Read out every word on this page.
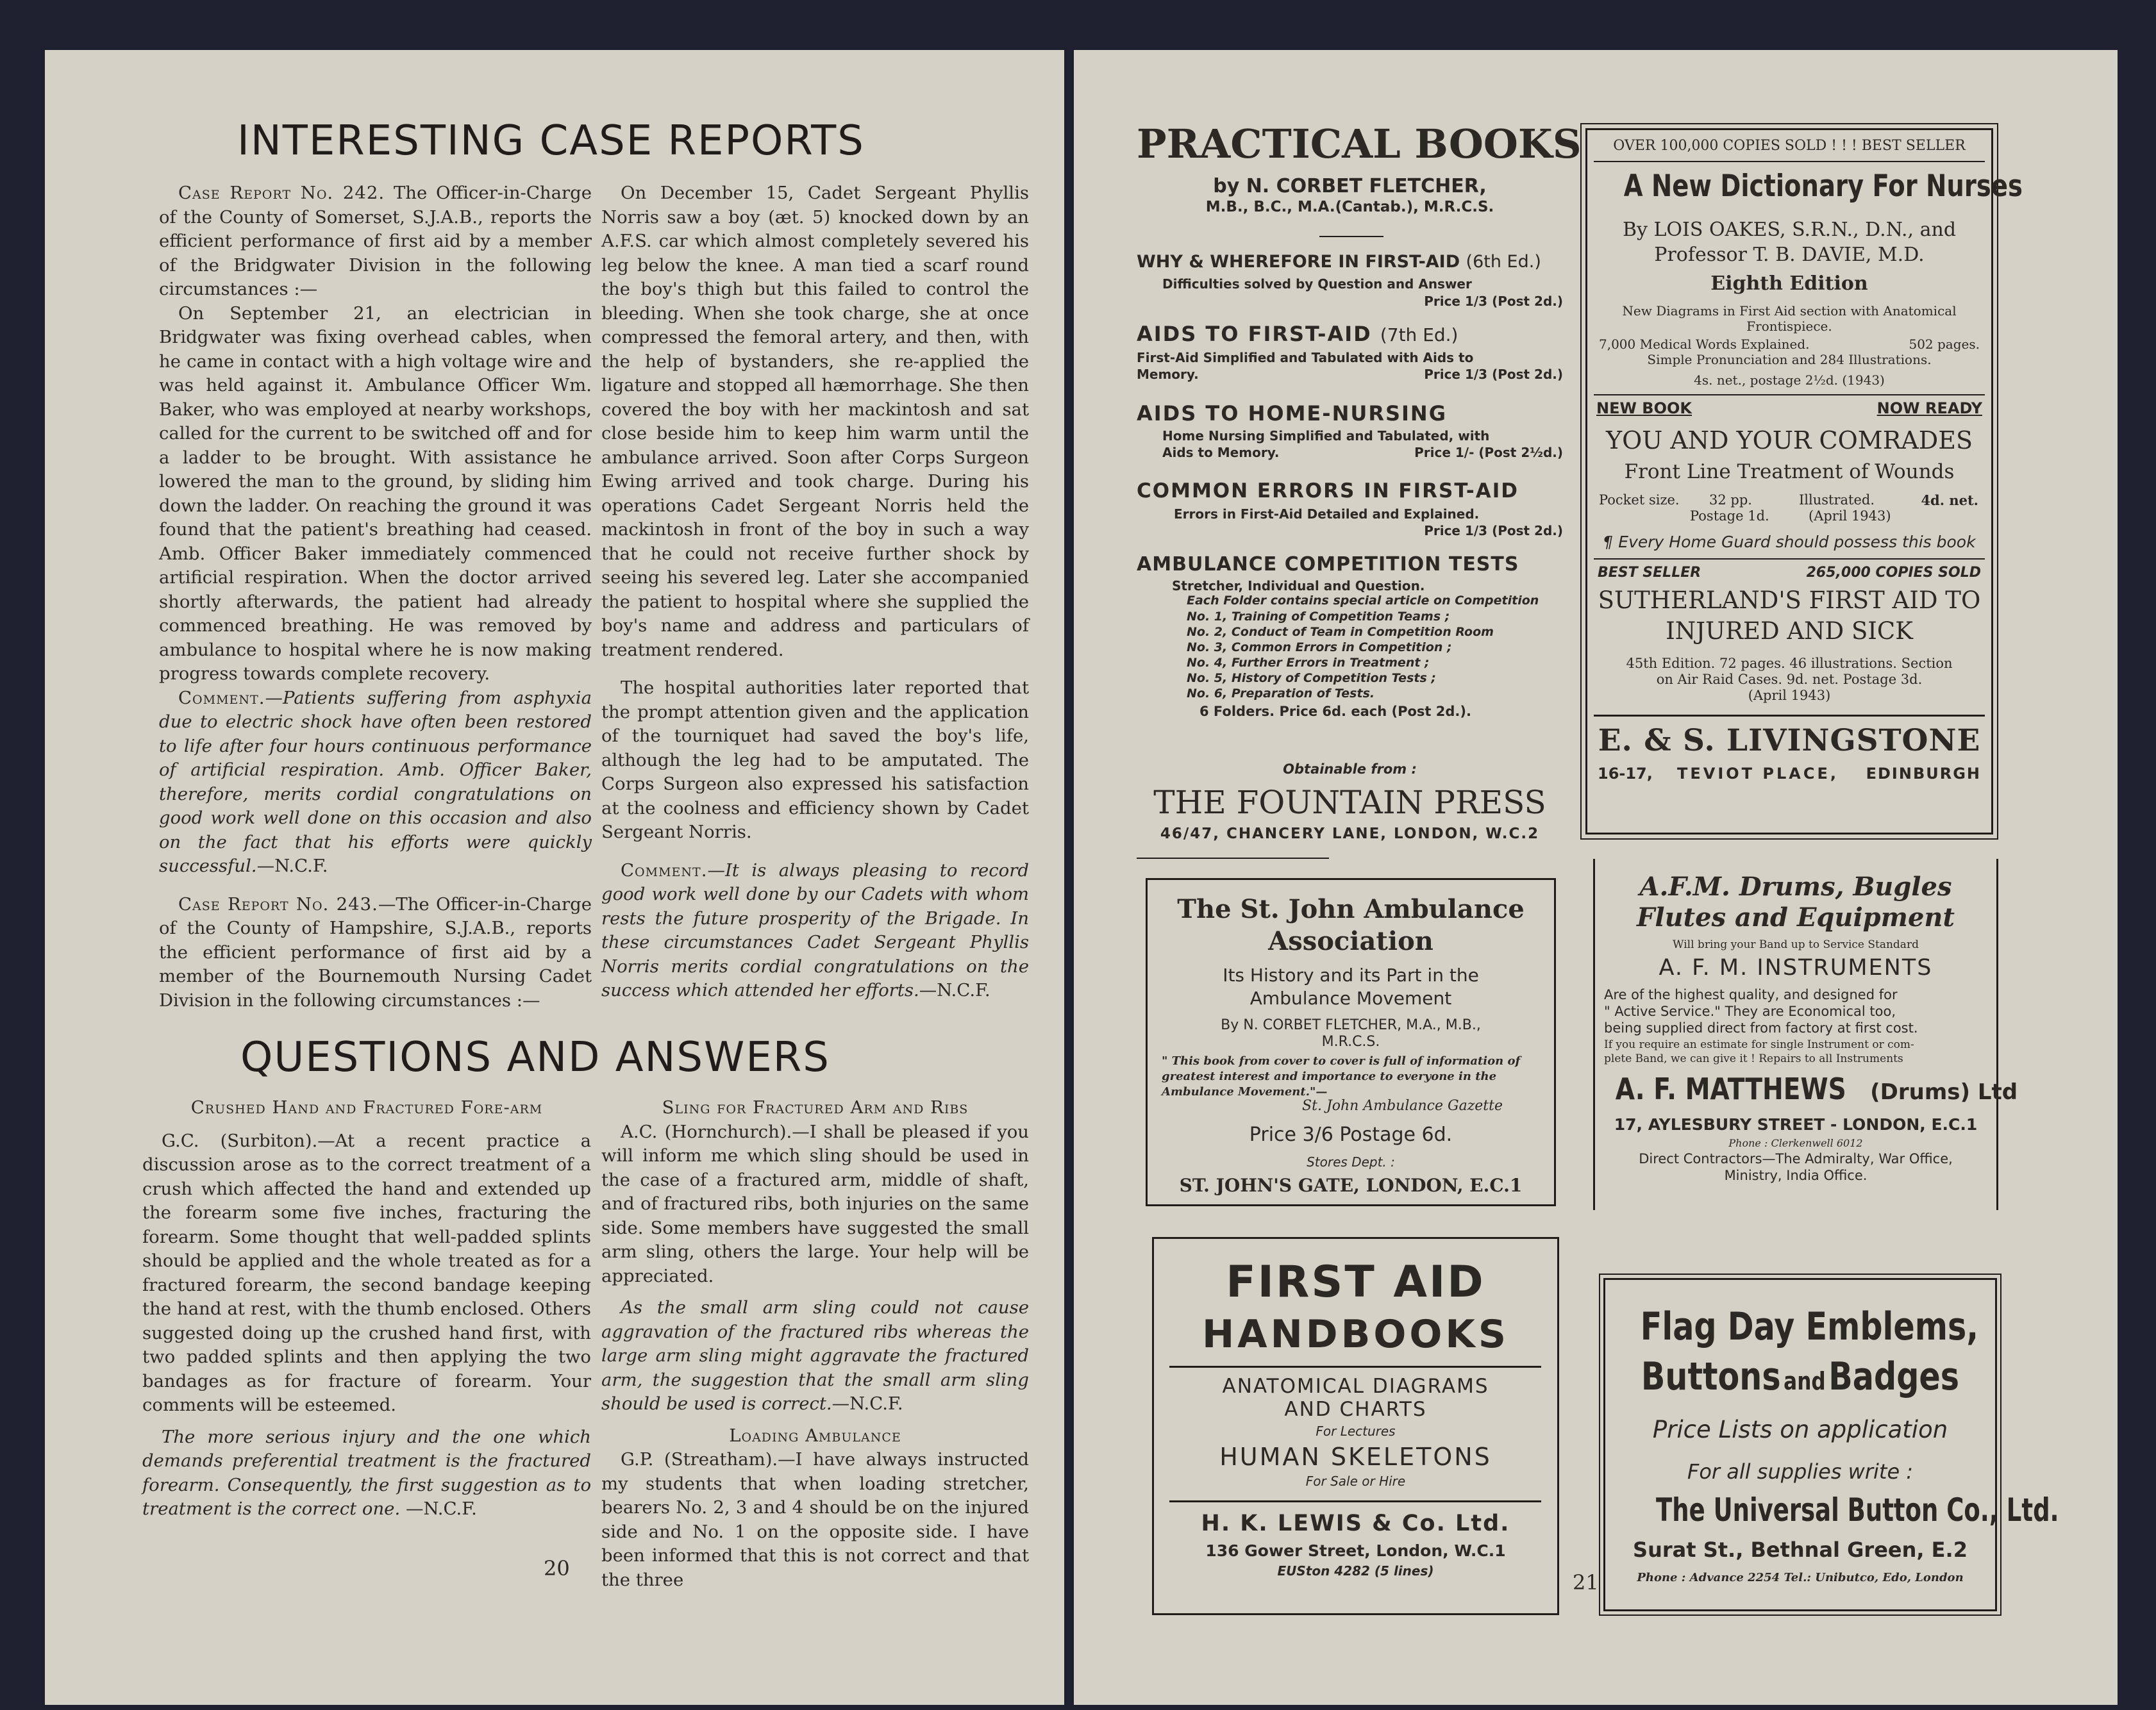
INTERESTING CASE REPORTS

Case Report No. 242. The Officer-in-Charge of the County of Somerset, S.J.A.B., reports the efficient performance of first aid by a member of the Bridgwater Division in the following circumstances :—

On September 21, an electrician in Bridgwater was fixing overhead cables, when he came in contact with a high voltage wire and was held against it. Ambulance Officer Wm. Baker, who was employed at nearby workshops, called for the current to be switched off and for a ladder to be brought. With assistance he lowered the man to the ground, by sliding him down the ladder. On reaching the ground it was found that the patient's breathing had ceased. Amb. Officer Baker immediately commenced artificial respiration. When the doctor arrived shortly afterwards, the patient had already commenced breathing. He was removed by ambulance to hospital where he is now making progress towards complete recovery.

Comment.—Patients suffering from asphyxia due to electric shock have often been restored to life after four hours continuous performance of artificial respiration. Amb. Officer Baker, therefore, merits cordial congratulations on good work well done on this occasion and also on the fact that his efforts were quickly successful.—N.C.F.

Case Report No. 243.—The Officer-in-Charge of the County of Hampshire, S.J.A.B., reports the efficient performance of first aid by a member of the Bournemouth Nursing Cadet Division in the following circumstances :—

On December 15, Cadet Sergeant Phyllis Norris saw a boy (æt. 5) knocked down by an A.F.S. car which almost completely severed his leg below the knee. A man tied a scarf round the boy's thigh but this failed to control the bleeding. When she took charge, she at once compressed the femoral artery, and then, with the help of bystanders, she re-applied the ligature and stopped all hæmorrhage. She then covered the boy with her mackintosh and sat close beside him to keep him warm until the ambulance arrived. Soon after Corps Surgeon Ewing arrived and took charge. During his operations Cadet Sergeant Norris held the mackintosh in front of the boy in such a way that he could not receive further shock by seeing his severed leg. Later she accompanied the patient to hospital where she supplied the boy's name and address and particulars of treatment rendered.

The hospital authorities later reported that the prompt attention given and the application of the tourniquet had saved the boy's life, although the leg had to be amputated. The Corps Surgeon also expressed his satisfaction at the coolness and efficiency shown by Cadet Sergeant Norris.

Comment.—It is always pleasing to record good work well done by our Cadets with whom rests the future prosperity of the Brigade. In these circumstances Cadet Sergeant Phyllis Norris merits cordial congratulations on the success which attended her efforts.—N.C.F.

QUESTIONS AND ANSWERS

Crushed Hand and Fractured Fore-arm

G.C. (Surbiton).—At a recent practice a discussion arose as to the correct treatment of a crush which affected the hand and extended up the forearm some five inches, fracturing the forearm. Some thought that well-padded splints should be applied and the whole treated as for a fractured forearm, the second bandage keeping the hand at rest, with the thumb enclosed. Others suggested doing up the crushed hand first, with two padded splints and then applying the two bandages as for fracture of forearm. Your comments will be esteemed.

The more serious injury and the one which demands preferential treatment is the fractured forearm. Consequently, the first suggestion as to treatment is the correct one. —N.C.F.

Sling for Fractured Arm and Ribs

A.C. (Hornchurch).—I shall be pleased if you will inform me which sling should be used in the case of a fractured arm, middle of shaft, and of fractured ribs, both injuries on the same side. Some members have suggested the small arm sling, others the large. Your help will be appreciated.

As the small arm sling could not cause aggravation of the fractured ribs whereas the large arm sling might aggravate the fractured arm, the suggestion that the small arm sling should be used is correct.—N.C.F.

Loading Ambulance

G.P. (Streatham).—I have always instructed my students that when loading stretcher, bearers No. 2, 3 and 4 should be on the injured side and No. 1 on the opposite side. I have been informed that this is not correct and that the three

20
PRACTICAL BOOKS
by N. CORBET FLETCHER,
M.B., B.C., M.A.(Cantab.), M.R.C.S.
WHY & WHEREFORE IN FIRST-AID (6th Ed.)
Difficulties solved by Question and Answer
Price 1/3 (Post 2d.)
AIDS TO FIRST-AID (7th Ed.)
First-Aid Simplified and Tabulated with Aids to
Memory.	Price 1/3 (Post 2d.)
AIDS TO HOME-NURSING
Home Nursing Simplified and Tabulated, with
Aids to Memory.	Price 1/- (Post 2½d.)
COMMON ERRORS IN FIRST-AID
Errors in First-Aid Detailed and Explained.
Price 1/3 (Post 2d.)
AMBULANCE COMPETITION TESTS
Stretcher, Individual and Question.
Each Folder contains special article on Competition
No. 1, Training of Competition Teams ;
No. 2, Conduct of Team in Competition Room
No. 3, Common Errors in Competition ;
No. 4, Further Errors in Treatment ;
No. 5, History of Competition Tests ;
No. 6, Preparation of Tests.
6 Folders. Price 6d. each (Post 2d.).
Obtainable from :
THE FOUNTAIN PRESS
46/47, CHANCERY LANE, LONDON, W.C.2
OVER 100,000 COPIES SOLD ! ! ! BEST SELLER
A New Dictionary For Nurses
By LOIS OAKES, S.R.N., D.N., and
Professor T. B. DAVIE, M.D.
Eighth Edition
New Diagrams in First Aid section with Anatomical
Frontispiece.
7,000 Medical Words Explained.	502 pages.
Simple Pronunciation and 284 Illustrations.
4s. net., postage 2½d. (1943)
NEW BOOK	NOW READY
YOU AND YOUR COMRADES
Front Line Treatment of Wounds
Pocket size. 32 pp.	Illustrated.	4d. net.
Postage 1d.	(April 1943)
¶ Every Home Guard should possess this book
BEST SELLER	265,000 COPIES SOLD
SUTHERLAND'S FIRST AID TO
INJURED AND SICK
45th Edition. 72 pages. 46 illustrations. Section
on Air Raid Cases. 9d. net. Postage 3d.
(April 1943)
E. & S. LIVINGSTONE
16-17, TEVIOT PLACE, EDINBURGH
The St. John Ambulance
Association
Its History and its Part in the
Ambulance Movement
By N. CORBET FLETCHER, M.A., M.B.,
M.R.C.S.
" This book from cover to cover is full of information of
greatest interest and importance to everyone in the
Ambulance Movement."—
St. John Ambulance Gazette
Price 3/6 Postage 6d.
Stores Dept. :
ST. JOHN'S GATE, LONDON, E.C.1
FIRST AID
HANDBOOKS
ANATOMICAL DIAGRAMS
AND CHARTS
For Lectures
HUMAN SKELETONS
For Sale or Hire
H. K. LEWIS & Co. Ltd.
136 Gower Street, London, W.C.1
EUSton 4282 (5 lines)
A.F.M. Drums, Bugles
Flutes and Equipment
Will bring your Band up to Service Standard
A. F. M. INSTRUMENTS
Are of the highest quality, and designed for
" Active Service." They are Economical too,
being supplied direct from factory at first cost.
If you require an estimate for single Instrument or com-
plete Band, we can give it ! Repairs to all Instruments
A. F. MATTHEWS (Drums) Ltd
17, AYLESBURY STREET - LONDON, E.C.1
Phone : Clerkenwell 6012
Direct Contractors—The Admiralty, War Office,
Ministry, India Office.
Flag Day Emblems,
Buttons and Badges
Price Lists on application
For all supplies write :
The Universal Button Co., Ltd.
Surat St., Bethnal Green, E.2
Phone : Advance 2254 Tel.: Unibutco, Edo, London
21
